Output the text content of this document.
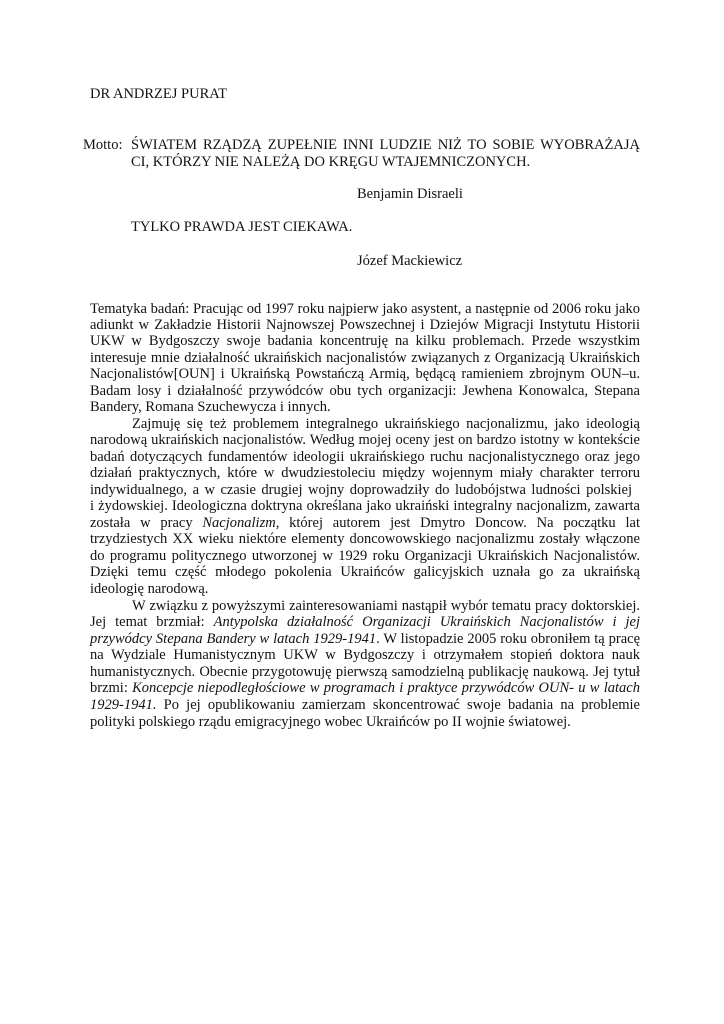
DR ANDRZEJ PURAT
Motto: ŚWIATEM RZĄDZĄ ZUPEŁNIE INNI LUDZIE NIŻ TO SOBIE WYOBRAŻAJĄ
CI, KTÓRZY NIE NALEŻĄ DO KRĘGU WTAJEMNICZONYCH.
Benjamin Disraeli
TYLKO PRAWDA JEST CIEKAWA.
Józef Mackiewicz
Tematyka badań: Pracując od 1997 roku najpierw jako asystent, a następnie od 2006 roku jako
adiunkt w Zakładzie Historii Najnowszej Powszechnej i Dziejów Migracji Instytutu Historii
UKW w Bydgoszczy swoje badania koncentruję na kilku problemach. Przede wszystkim
interesuje mnie działalność ukraińskich nacjonalistów związanych z Organizacją Ukraińskich
Nacjonalistów[OUN] i Ukraińską Powstańczą Armią, będącą ramieniem zbrojnym OUN–u.
Badam losy i działalność przywódców obu tych organizacji: Jewhena Konowalca, Stepana
Bandery, Romana Szuchewycza i innych.
Zajmuję się też problemem integralnego ukraińskiego nacjonalizmu, jako ideologią
narodową ukraińskich nacjonalistów. Według mojej oceny jest on bardzo istotny w kontekście
badań dotyczących fundamentów ideologii ukraińskiego ruchu nacjonalistycznego oraz jego
działań praktycznych, które w dwudziestoleciu między wojennym miały charakter terroru
indywidualnego, a w czasie drugiej wojny doprowadziły do ludobójstwa ludności polskiej
i żydowskiej. Ideologiczna doktryna określana jako ukraiński integralny nacjonalizm, zawarta
została w pracy Nacjonalizm, której autorem jest Dmytro Doncow. Na początku lat
trzydziestych XX wieku niektóre elementy doncowowskiego nacjonalizmu zostały włączone
do programu politycznego utworzonej w 1929 roku Organizacji Ukraińskich Nacjonalistów.
Dzięki temu część młodego pokolenia Ukraińców galicyjskich uznała go za ukraińską
ideologię narodową.
W związku z powyższymi zainteresowaniami nastąpił wybór tematu pracy doktorskiej.
Jej temat brzmiał: Antypolska działalność Organizacji Ukraińskich Nacjonalistów i jej
przywódcy Stepana Bandery w latach 1929-1941. W listopadzie 2005 roku obroniłem tą pracę
na Wydziale Humanistycznym UKW w Bydgoszczy i otrzymałem stopień doktora nauk
humanistycznych. Obecnie przygotowuję pierwszą samodzielną publikację naukową. Jej tytuł
brzmi: Koncepcje niepodległościowe w programach i praktyce przywódców OUN- u w latach
1929-1941. Po jej opublikowaniu zamierzam skoncentrować swoje badania na problemie
polityki polskiego rządu emigracyjnego wobec Ukraińców po II wojnie światowej.
